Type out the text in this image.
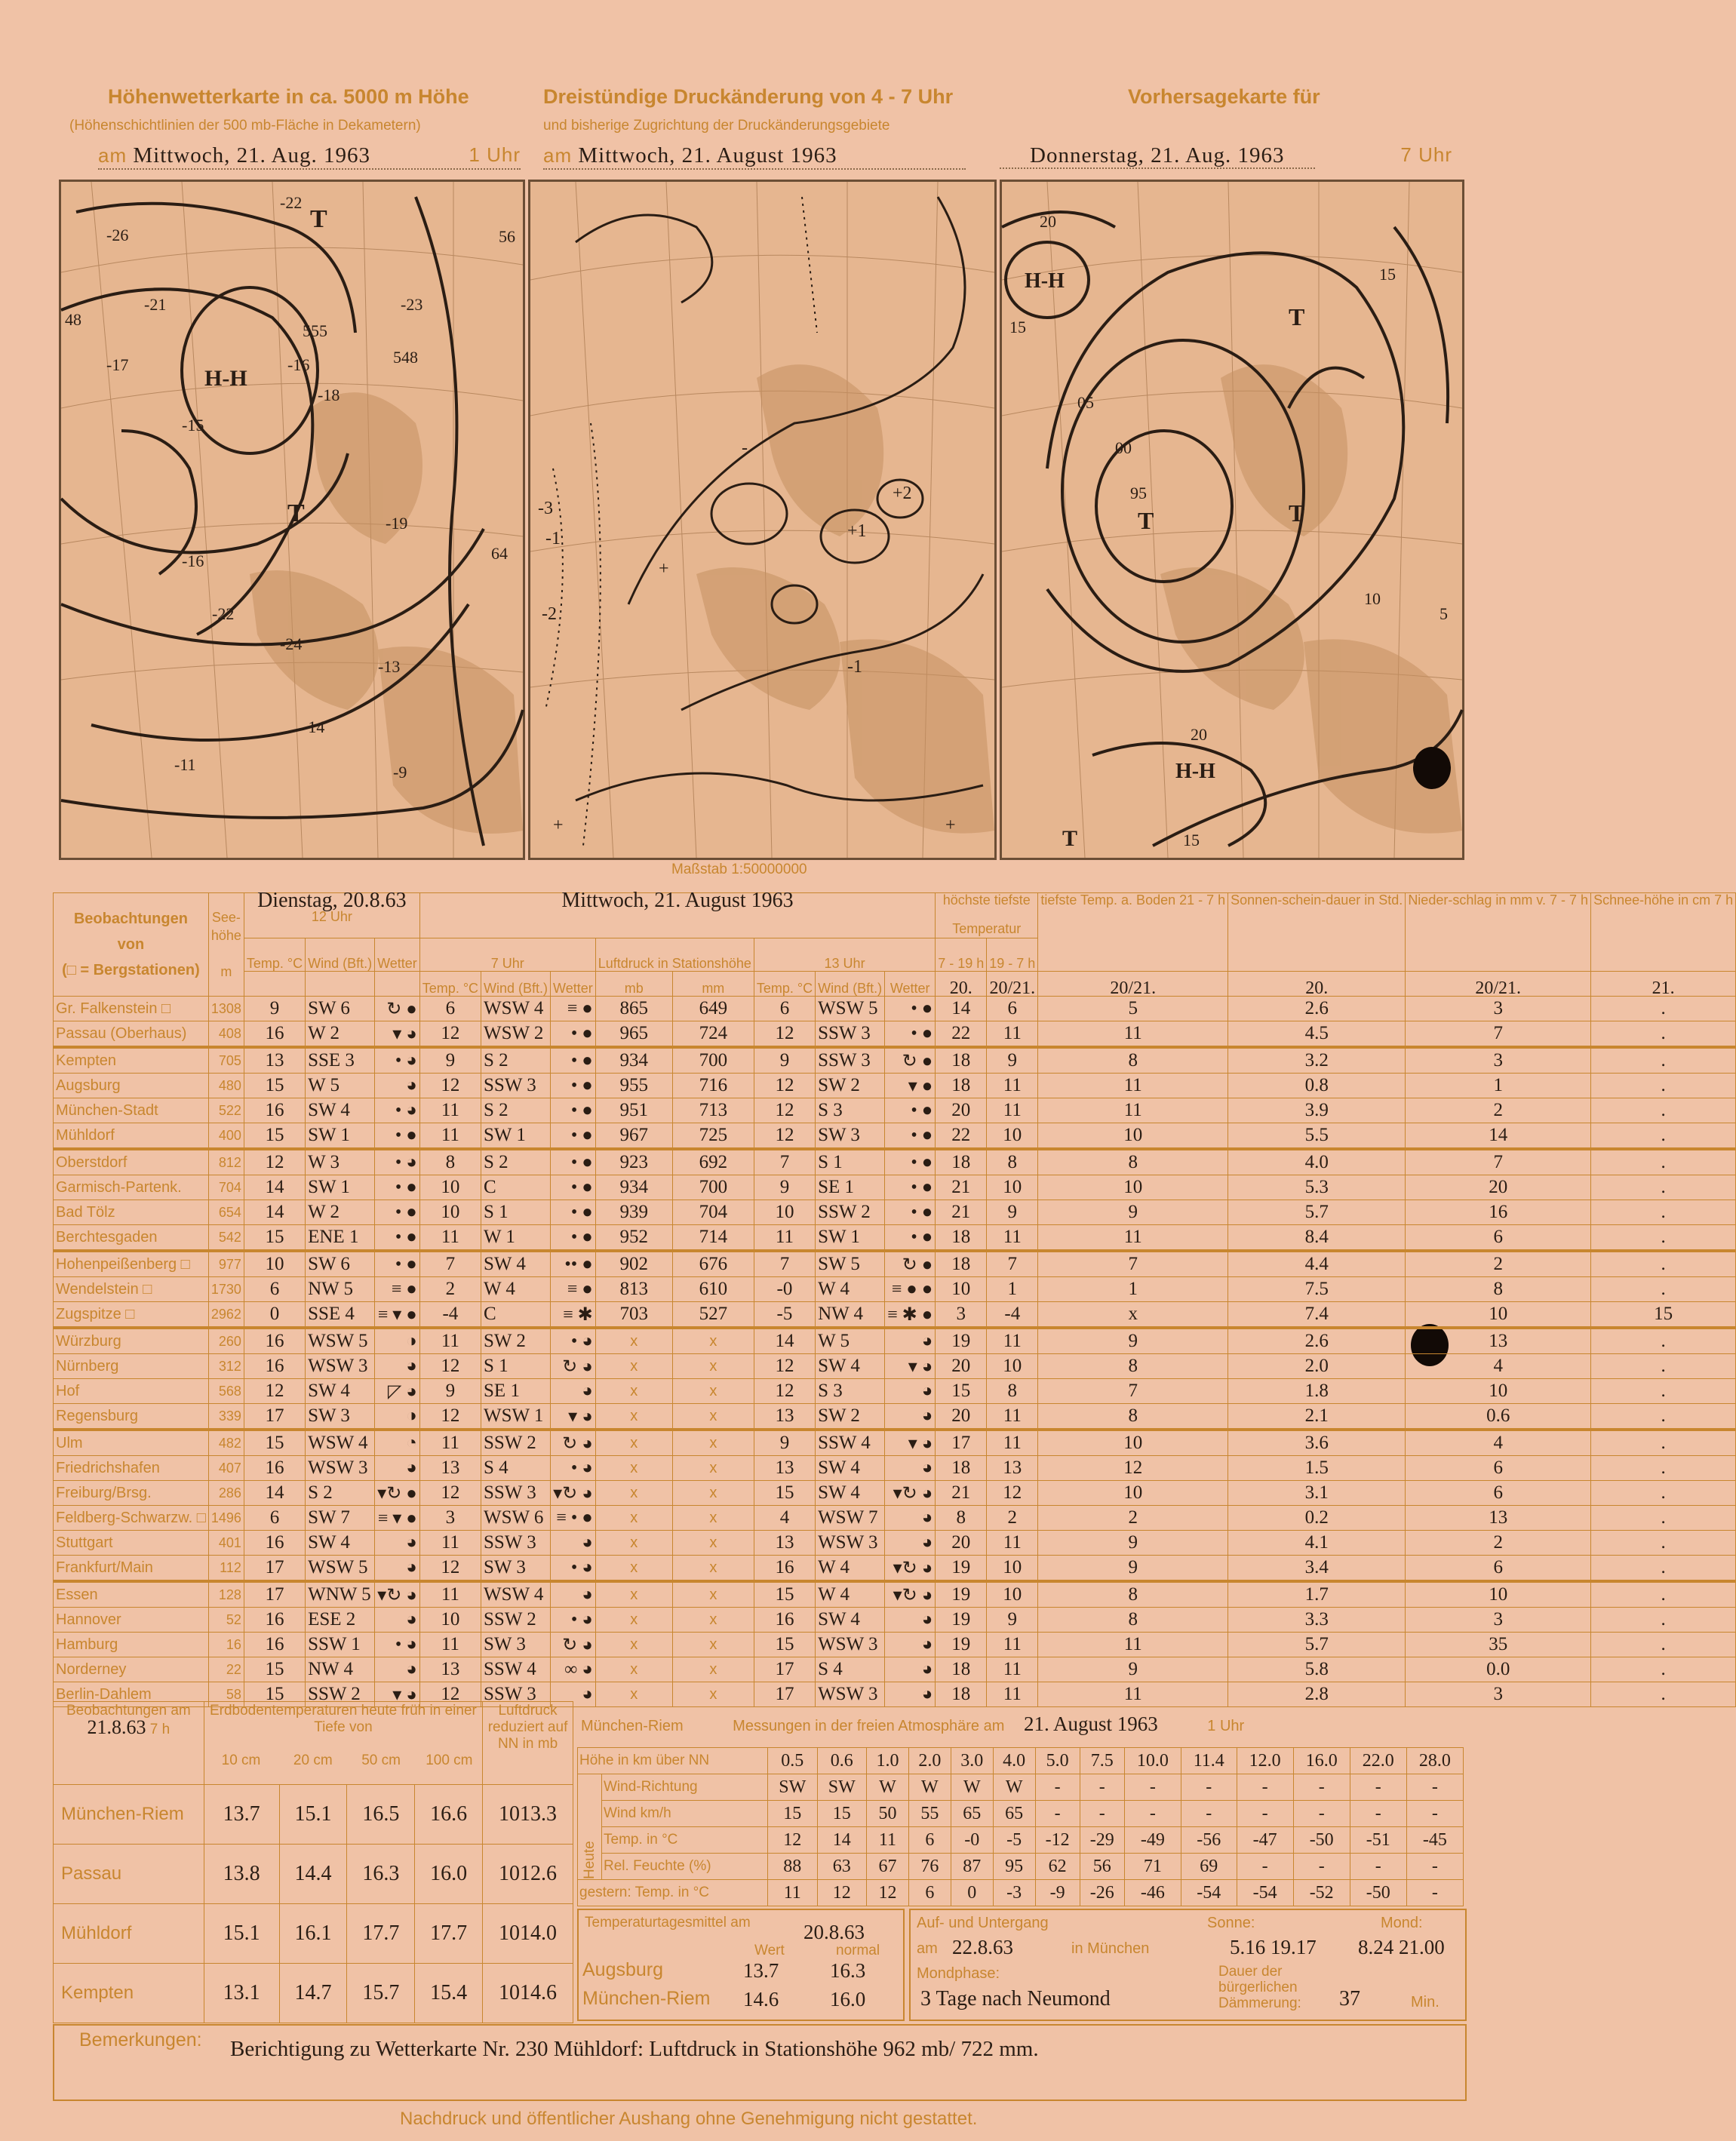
Höhenwetterkarte in ca. 5000 m Höhe
(Höhenschichtlinien der 500 mb-Fläche in Dekametern)
am Mittwoch, 21. Aug. 1963	1 Uhr
Dreistündige Druckänderung von 4 - 7 Uhr
und bisherige Zugrichtung der Druckänderungsgebiete
am Mittwoch, 21. August 1963
Vorhersagekarte für
Donnerstag, 21. Aug. 1963	7 Uhr
-26
-21
-22
-23
-16
-18
548
555
-17
-15
-19
-16
-22
-24
-14
-13
-11	-9
56
64
48
T
H-H
T
-1
-2
-3
+
-
+1
+2
-1
+
+
20
15
15
H-H
T
05
00
95
T	T
20
15
H-H
T
10
5
Maßstab 1:50000000
Beobachtungen
von
(□ = Bergstationen)	See-
höhe

m	Dienstag, 20.8.63
12 Uhr			Mittwoch, 21. August 1963								höchste tiefste

Temperatur		tiefste Temp. a. Boden 21 - 7 h	Sonnen-schein-dauer in Std.	Nieder-schlag in mm v. 7 - 7 h	Schnee-höhe in cm 7 h
		Temp. °C	Wind (Bft.)	Wetter	7 Uhr			Luftdruck in Stationshöhe		13 Uhr			7 - 19 h	19 - 7 h				
					Temp. °C	Wind (Bft.)	Wetter	mb	mm	Temp. °C	Wind (Bft.)	Wetter	20.	20/21.	20/21.	20.	20/21.	21.
Gr. Falkenstein □	1308	9	SW 6	↻ ●	6	WSW 4	≡ ●	865	649	6	WSW 5	• ●	14	6	5	2.6	3	.
Passau (Oberhaus)	408	16	W 2	▾ ◕	12	WSW 2	• ●	965	724	12	SSW 3	• ●	22	11	11	4.5	7	.
Kempten	705	13	SSE 3	• ◕	9	S 2	• ●	934	700	9	SSW 3	↻ ●	18	9	8	3.2	3	.
Augsburg	480	15	W 5	◕	12	SSW 3	• ●	955	716	12	SW 2	▾ ●	18	11	11	0.8	1	.
München-Stadt	522	16	SW 4	• ◕	11	S 2	• ●	951	713	12	S 3	• ●	20	11	11	3.9	2	.
Mühldorf	400	15	SW 1	• ●	11	SW 1	• ●	967	725	12	SW 3	• ●	22	10	10	5.5	14	.
Oberstdorf	812	12	W 3	• ◕	8	S 2	• ●	923	692	7	S 1	• ●	18	8	8	4.0	7	.
Garmisch-Partenk.	704	14	SW 1	• ●	10	C	• ●	934	700	9	SE 1	• ●	21	10	10	5.3	20	.
Bad Tölz	654	14	W 2	• ●	10	S 1	• ●	939	704	10	SSW 2	• ●	21	9	9	5.7	16	.
Berchtesgaden	542	15	ENE 1	• ●	11	W 1	• ●	952	714	11	SW 1	• ●	18	11	11	8.4	6	.
Hohenpeißenberg □	977	10	SW 6	• ●	7	SW 4	•• ●	902	676	7	SW 5	↻ ●	18	7	7	4.4	2	.
Wendelstein □	1730	6	NW 5	≡ ●	2	W 4	≡ ●	813	610	-0	W 4	≡ ● ●	10	1	1	7.5	8	.
Zugspitze □	2962	0	SSE 4	≡ ▾ ●	-4	C	≡ ✱	703	527	-5	NW 4	≡ ✱ ●	3	-4	x	7.4	10	15
Würzburg	260	16	WSW 5	◑	11	SW 2	• ◕	x	x	14	W 5	◕	19	11	9	2.6	13	.
Nürnberg	312	16	WSW 3	◕	12	S 1	↻ ◕	x	x	12	SW 4	▾ ◕	20	10	8	2.0	4	.
Hof	568	12	SW 4	◸ ◕	9	SE 1	◕	x	x	12	S 3	◕	15	8	7	1.8	10	.
Regensburg	339	17	SW 3	◑	12	WSW 1	▾ ◕	x	x	13	SW 2	◕	20	11	8	2.1	0.6	.
Ulm	482	15	WSW 4	◔	11	SSW 2	↻ ◕	x	x	9	SSW 4	▾ ◕	17	11	10	3.6	4	.
Friedrichshafen	407	16	WSW 3	◕	13	S 4	• ◕	x	x	13	SW 4	◕	18	13	12	1.5	6	.
Freiburg/Brsg.	286	14	S 2	▾↻ ●	12	SSW 3	▾↻ ◕	x	x	15	SW 4	▾↻ ◕	21	12	10	3.1	6	.
Feldberg-Schwarzw. □	1496	6	SW 7	≡ ▾ ●	3	WSW 6	≡ • ●	x	x	4	WSW 7	◕	8	2	2	0.2	13	.
Stuttgart	401	16	SW 4	◕	11	SSW 3	◕	x	x	13	WSW 3	◕	20	11	9	4.1	2	.
Frankfurt/Main	112	17	WSW 5	◕	12	SW 3	• ◕	x	x	16	W 4	▾↻ ◕	19	10	9	3.4	6	.
Essen	128	17	WNW 5	▾↻ ◕	11	WSW 4	◕	x	x	15	W 4	▾↻ ◕	19	10	8	1.7	10	.
Hannover	52	16	ESE 2	◕	10	SSW 2	• ◕	x	x	16	SW 4	◕	19	9	8	3.3	3	.
Hamburg	16	16	SSW 1	• ◕	11	SW 3	↻ ◕	x	x	15	WSW 3	◕	19	11	11	5.7	35	.
Norderney	22	15	NW 4	◕	13	SSW 4	∞ ◕	x	x	17	S 4	◕	18	11	9	5.8	0.0	.
Berlin-Dahlem	58	15	SSW 2	▾ ◕	12	SSW 3	◕	x	x	17	WSW 3	◕	18	11	11	2.8	3	.
Beobachtungen am
21.8.63 7 h	Erdbodentemperaturen heute früh in einer Tiefe von

10 cm 20 cm 50 cm 100 cm				Luftdruck reduziert auf NN in mb
München-Riem	13.7	15.1	16.5	16.6	1013.3
Passau	13.8	14.4	16.3	16.0	1012.6
Mühldorf	15.1	16.1	17.7	17.7	1014.0
Kempten	13.1	14.7	15.7	15.4	1014.6
München-Riem	Messungen in der freien Atmosphäre am 21. August 1963	1 Uhr
Höhe in km über NN		0.5	0.6	1.0	2.0	3.0	4.0	5.0	7.5	10.0	11.4	12.0	16.0	22.0	28.0
Heute	Wind-Richtung	SW	SW	W	W	W	W	-	-	-	-	-	-	-	-
	Wind km/h	15	15	50	55	65	65	-	-	-	-	-	-	-	-
	Temp. in °C	12	14	11	6	-0	-5	-12	-29	-49	-56	-47	-50	-51	-45
	Rel. Feuchte (%)	88	63	67	76	87	95	62	56	71	69	-	-	-	-
gestern: Temp. in °C		11	12	12	6	0	-3	-9	-26	-46	-54	-54	-52	-50	-
Temperaturtagesmittel am	20.8.63
Wert	normal
Augsburg	13.7	16.3
München-Riem 14.6	16.0
Auf- und Untergang	Sonne:	Mond:
am 22.8.63	in München	5.16 19.17 8.24 21.00
Mondphase:
3 Tage nach Neumond
Dauer der bürgerlichen Dämmerung:	37	Min.
Bemerkungen: Berichtigung zu Wetterkarte Nr. 230 Mühldorf: Luftdruck in Stationshöhe 962 mb/ 722 mm.
Nachdruck und öffentlicher Aushang ohne Genehmigung nicht gestattet.
